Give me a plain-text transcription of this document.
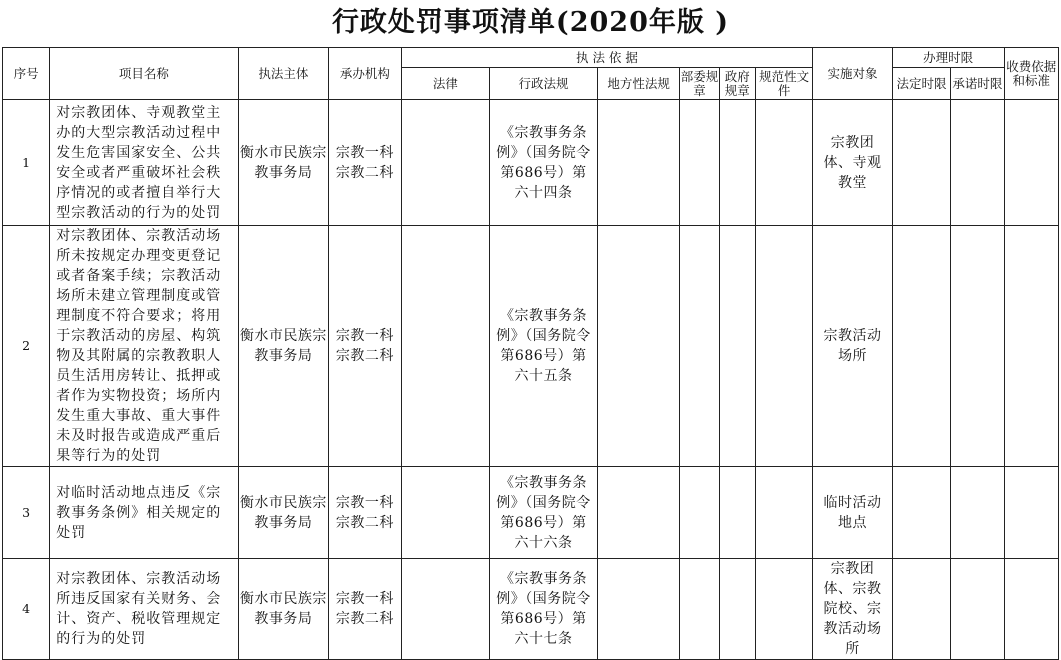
行政处罚事项清单(2020年版 )
序号	项目名称	执法主体	承办机构	执 法 依 据						实施对象	办理时限		收费依据和标准
				法律	行政法规	地方性法规	部委规章	政府规章	规范性文件		法定时限	承诺时限	
1	对宗教团体、寺观教堂主办的大型宗教活动过程中发生危害国家安全、公共安全或者严重破坏社会秩序情况的或者擅自举行大型宗教活动的行为的处罚	衡水市民族宗教事务局	宗教一科宗教二科		《宗教事务条例》（国务院令第686号）第六十四条					宗教团体、寺观教堂			
2	对宗教团体、宗教活动场所未按规定办理变更登记或者备案手续；宗教活动场所未建立管理制度或管理制度不符合要求；将用于宗教活动的房屋、构筑物及其附属的宗教教职人员生活用房转让、抵押或者作为实物投资；场所内发生重大事故、重大事件未及时报告或造成严重后果等行为的处罚	衡水市民族宗教事务局	宗教一科宗教二科		《宗教事务条例》（国务院令第686号）第六十五条					宗教活动场所			
3	对临时活动地点违反《宗教事务条例》相关规定的处罚	衡水市民族宗教事务局	宗教一科宗教二科		《宗教事务条例》（国务院令第686号）第六十六条					临时活动地点			
4	对宗教团体、宗教活动场所违反国家有关财务、会计、资产、税收管理规定的行为的处罚	衡水市民族宗教事务局	宗教一科宗教二科		《宗教事务条例》（国务院令第686号）第六十七条					宗教团体、宗教院校、宗教活动场所			
